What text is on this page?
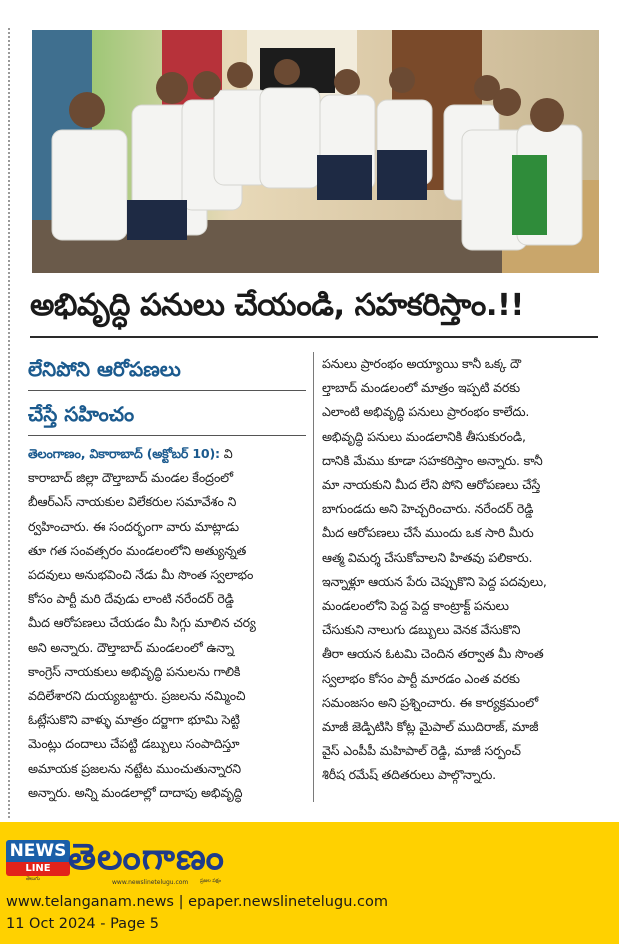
అభివృద్ధి పనులు చేయండి, సహకరిస్తాం.!!
లేనిపోని ఆరోపణలు
చేస్తే సహించం
తెలంగాణం, వికారాబాద్ (అక్టోబర్ 10): వి
కారాబాద్ జిల్లా దౌల్తాబాద్ మండల కేంద్రంలో
బీఆర్ఎస్ నాయకుల విలేకరుల సమావేశం ని
ర్వహించారు. ఈ సందర్భంగా వారు మాట్లాడు
తూ గత సంవత్సరం మండలంలోని అత్యున్నత
పదవులు అనుభవించి నేడు మీ సొంత స్వలాభం
కోసం పార్టీ మరి దేవుడు లాంటి నరేందర్ రెడ్డి
మీద ఆరోపణలు చేయడం మీ సిగ్గు మాలిన చర్య
అని అన్నారు. దౌల్తాబాద్ మండలంలో ఉన్నా
కాంగ్రెస్ నాయకులు అభివృద్ధి పనులను గాలికి
వదిలేశారని దుయ్యబట్టారు. ప్రజలను నమ్మించి
ఓట్లేసుకొని వాళ్ళు మాత్రం దర్జాగా భూమి సెట్టి
మెంట్లు దందాలు చేపట్టి డబ్బులు సంపాదిస్తూ
అమాయక ప్రజలను నట్టేట ముంచుతున్నారని
అన్నారు. అన్ని మండలాల్లో దాదాపు అభివృద్ధి
పనులు ప్రారంభం అయ్యాయి కానీ ఒక్క దౌ
ల్తాబాద్ మండలంలో మాత్రం ఇప్పటి వరకు
ఎలాంటి అభివృద్ధి పనులు ప్రారంభం కాలేదు.
అభివృద్ధి పనులు మండలానికి తీసుకురండి,
దానికి మేము కూడా సహకరిస్తాం అన్నారు. కానీ
మా నాయకుని మీద లేని పోని ఆరోపణలు చేస్తే
బాగుండదు అని హెచ్చరించారు. నరేందర్ రెడ్డి
మీద ఆరోపణలు చేసే ముందు ఒక సారి మీరు
ఆత్మ విమర్శ చేసుకోవాలని హితవు పలికారు.
ఇన్నాళ్లూ ఆయన పేరు చెప్పుకొని పెద్ద పదవులు,
మండలంలోని పెద్ద పెద్ద కాంట్రాక్ట్ పనులు
చేసుకుని నాలుగు డబ్బులు వెనక వేసుకొని
తీరా ఆయన ఓటమి చెందిన తర్వాత మీ సొంత
స్వలాభం కోసం పార్టీ మారడం ఎంత వరకు
సమంజసం అని ప్రశ్నించారు. ఈ కార్యక్రమంలో
మాజీ జెడ్పిటిసి కోట్ల మైపాల్ ముదిరాజ్, మాజీ
వైస్ ఎంపీపీ మహిపాల్ రెడ్డి, మాజీ సర్పంచ్
శిరీష రమేష్ తదితరులు పాల్గొన్నారు.
NEWS
LINE
తెలుగు
తెలంగాణం
www.newslinetelugu.com ప్రజల పక్షం
www.telanganam.news | epaper.newslinetelugu.com
11 Oct 2024 - Page 5
